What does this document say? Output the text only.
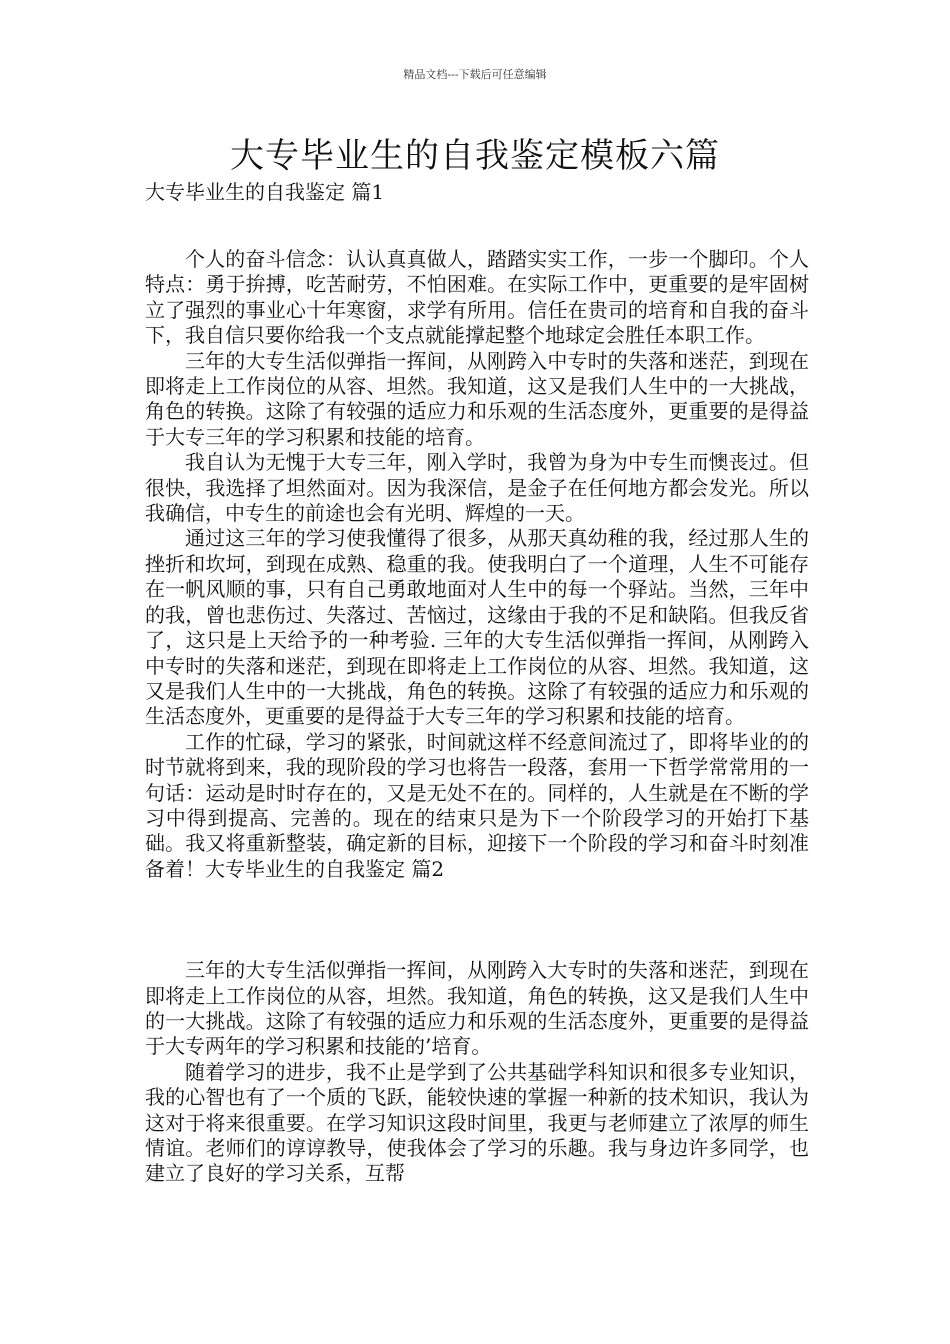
精品文档---下载后可任意编辑
大专毕业生的自我鉴定模板六篇
大专毕业生的自我鉴定 篇1

个人的奋斗信念：认认真真做人，踏踏实实工作，一步一个脚印。个人特点：勇于拚搏，吃苦耐劳，不怕困难。在实际工作中，更重要的是牢固树立了强烈的事业心十年寒窗，求学有所用。信任在贵司的培育和自我的奋斗下，我自信只要你给我一个支点就能撑起整个地球定会胜任本职工作。

三年的大专生活似弹指一挥间，从刚跨入中专时的失落和迷茫，到现在即将走上工作岗位的从容、坦然。我知道，这又是我们人生中的一大挑战，角色的转换。这除了有较强的适应力和乐观的生活态度外，更重要的是得益于大专三年的学习积累和技能的培育。

我自认为无愧于大专三年，刚入学时，我曾为身为中专生而懊丧过。但很快，我选择了坦然面对。因为我深信，是金子在任何地方都会发光。所以我确信，中专生的前途也会有光明、辉煌的一天。

通过这三年的学习使我懂得了很多，从那天真幼稚的我，经过那人生的挫折和坎坷，到现在成熟、稳重的我。使我明白了一个道理，人生不可能存在一帆风顺的事，只有自己勇敢地面对人生中的每一个驿站。当然，三年中的我，曾也悲伤过、失落过、苦恼过，这缘由于我的不足和缺陷。但我反省了，这只是上天给予的一种考验. 三年的大专生活似弹指一挥间，从刚跨入中专时的失落和迷茫，到现在即将走上工作岗位的从容、坦然。我知道，这又是我们人生中的一大挑战，角色的转换。这除了有较强的适应力和乐观的生活态度外，更重要的是得益于大专三年的学习积累和技能的培育。

工作的忙碌，学习的紧张，时间就这样不经意间流过了，即将毕业的的时节就将到来，我的现阶段的学习也将告一段落，套用一下哲学常常用的一句话：运动是时时存在的，又是无处不在的。同样的，人生就是在不断的学习中得到提高、完善的。现在的结束只是为下一个阶段学习的开始打下基础。我又将重新整装，确定新的目标，迎接下一个阶段的学习和奋斗时刻准备着！大专毕业生的自我鉴定 篇2

三年的大专生活似弹指一挥间，从刚跨入大专时的失落和迷茫，到现在即将走上工作岗位的从容，坦然。我知道，角色的转换，这又是我们人生中的一大挑战。这除了有较强的适应力和乐观的生活态度外，更重要的是得益于大专两年的学习积累和技能的’培育。

随着学习的进步，我不止是学到了公共基础学科知识和很多专业知识，我的心智也有了一个质的飞跃，能较快速的掌握一种新的技术知识，我认为这对于将来很重要。在学习知识这段时间里，我更与老师建立了浓厚的师生情谊。老师们的谆谆教导，使我体会了学习的乐趣。我与身边许多同学，也建立了良好的学习关系，互帮
